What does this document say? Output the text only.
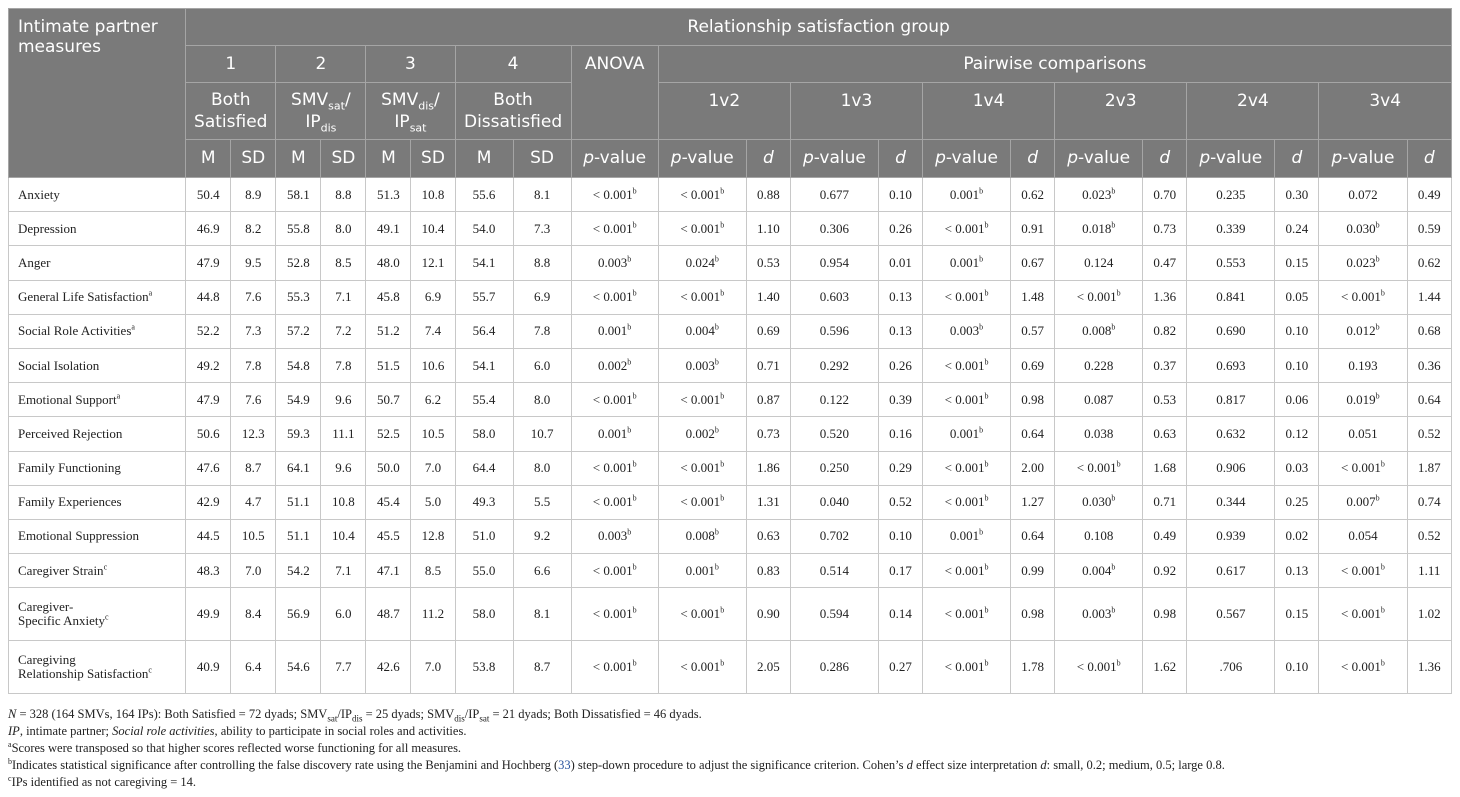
Intimate partner measures	Relationship satisfaction group																				
	1		2		3		4		ANOVA	Pairwise comparisons											
	Both Satisfied		$SMV_{sat}/$ $IP_{dis}$		$SMV_{dis}/$ $IP_{sat}$		Both Dissatisfied			1v2		1v3		1v4		2v3		2v4		3v4	
	M	SD	M	SD	M	SD	M	SD	p-value	p-value	d	p-value	d	p-value	d	p-value	d	p-value	d	p-value	d
Anxiety	50.4	8.9	58.1	8.8	51.3	10.8	55.6	8.1	< 0.001$^b$	< 0.001$^b$	0.88	0.677	0.10	0.001$^b$	0.62	0.023$^b$	0.70	0.235	0.30	0.072	0.49
Depression	46.9	8.2	55.8	8.0	49.1	10.4	54.0	7.3	< 0.001$^b$	< 0.001$^b$	1.10	0.306	0.26	< 0.001$^b$	0.91	0.018$^b$	0.73	0.339	0.24	0.030$^b$	0.59
Anger	47.9	9.5	52.8	8.5	48.0	12.1	54.1	8.8	0.003$^b$	0.024$^b$	0.53	0.954	0.01	0.001$^b$	0.67	0.124	0.47	0.553	0.15	0.023$^b$	0.62
General Life Satisfaction$^a$	44.8	7.6	55.3	7.1	45.8	6.9	55.7	6.9	< 0.001$^b$	< 0.001$^b$	1.40	0.603	0.13	< 0.001$^b$	1.48	< 0.001$^b$	1.36	0.841	0.05	< 0.001$^b$	1.44
Social Role Activities$^a$	52.2	7.3	57.2	7.2	51.2	7.4	56.4	7.8	0.001$^b$	0.004$^b$	0.69	0.596	0.13	0.003$^b$	0.57	0.008$^b$	0.82	0.690	0.10	0.012$^b$	0.68
Social Isolation	49.2	7.8	54.8	7.8	51.5	10.6	54.1	6.0	0.002$^b$	0.003$^b$	0.71	0.292	0.26	< 0.001$^b$	0.69	0.228	0.37	0.693	0.10	0.193	0.36
Emotional Support$^a$	47.9	7.6	54.9	9.6	50.7	6.2	55.4	8.0	< 0.001$^b$	< 0.001$^b$	0.87	0.122	0.39	< 0.001$^b$	0.98	0.087	0.53	0.817	0.06	0.019$^b$	0.64
Perceived Rejection	50.6	12.3	59.3	11.1	52.5	10.5	58.0	10.7	0.001$^b$	0.002$^b$	0.73	0.520	0.16	0.001$^b$	0.64	0.038	0.63	0.632	0.12	0.051	0.52
Family Functioning	47.6	8.7	64.1	9.6	50.0	7.0	64.4	8.0	< 0.001$^b$	< 0.001$^b$	1.86	0.250	0.29	< 0.001$^b$	2.00	< 0.001$^b$	1.68	0.906	0.03	< 0.001$^b$	1.87
Family Experiences	42.9	4.7	51.1	10.8	45.4	5.0	49.3	5.5	< 0.001$^b$	< 0.001$^b$	1.31	0.040	0.52	< 0.001$^b$	1.27	0.030$^b$	0.71	0.344	0.25	0.007$^b$	0.74
Emotional Suppression	44.5	10.5	51.1	10.4	45.5	12.8	51.0	9.2	0.003$^b$	0.008$^b$	0.63	0.702	0.10	0.001$^b$	0.64	0.108	0.49	0.939	0.02	0.054	0.52
Caregiver Strain$^c$	48.3	7.0	54.2	7.1	47.1	8.5	55.0	6.6	< 0.001$^b$	0.001$^b$	0.83	0.514	0.17	< 0.001$^b$	0.99	0.004$^b$	0.92	0.617	0.13	< 0.001$^b$	1.11
Caregiver-
Specific Anxiety$^c$	49.9	8.4	56.9	6.0	48.7	11.2	58.0	8.1	< 0.001$^b$	< 0.001$^b$	0.90	0.594	0.14	< 0.001$^b$	0.98	0.003$^b$	0.98	0.567	0.15	< 0.001$^b$	1.02
Caregiving
Relationship Satisfaction$^c$	40.9	6.4	54.6	7.7	42.6	7.0	53.8	8.7	< 0.001$^b$	< 0.001$^b$	2.05	0.286	0.27	< 0.001$^b$	1.78	< 0.001$^b$	1.62	.706	0.10	< 0.001$^b$	1.36
N = 328 (164 SMVs, 164 IPs): Both Satisfied = 72 dyads; $SMV_{sat}/IP_{dis} = 25$ dyads; $SMV_{dis}/IP_{sat} = 21$ dyads; Both Dissatisfied = 46 dyads.
IP, intimate partner; Social role activities, ability to participate in social roles and activities.
$^a$Scores were transposed so that higher scores reflected worse functioning for all measures.
$^b$Indicates statistical significance after controlling the false discovery rate using the Benjamini and Hochberg (33) step-down procedure to adjust the significance criterion. Cohen’s d effect size interpretation d: small, 0.2; medium, 0.5; large 0.8.
$^c$IPs identified as not caregiving = 14.
